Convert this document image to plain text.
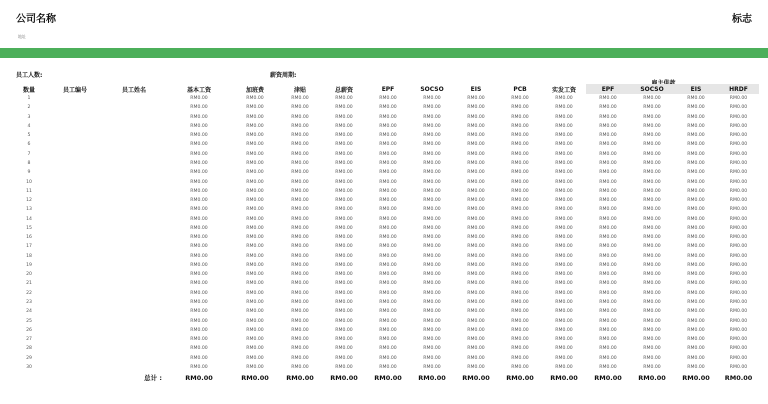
公司名称	标志
地址
员工人数:	薪资周期:
数量	员工编号	员工姓名	基本工资	加班费	津贴	总薪资	EPF	SOCSO	EIS	PCB	实发工资	EPF	SOCSO	EIS	HRDF
1			RM0.00	RM0.00	RM0.00	RM0.00	RM0.00	RM0.00	RM0.00	RM0.00	RM0.00	RM0.00	RM0.00	RM0.00	RM0.00
2			RM0.00	RM0.00	RM0.00	RM0.00	RM0.00	RM0.00	RM0.00	RM0.00	RM0.00	RM0.00	RM0.00	RM0.00	RM0.00
3			RM0.00	RM0.00	RM0.00	RM0.00	RM0.00	RM0.00	RM0.00	RM0.00	RM0.00	RM0.00	RM0.00	RM0.00	RM0.00
4			RM0.00	RM0.00	RM0.00	RM0.00	RM0.00	RM0.00	RM0.00	RM0.00	RM0.00	RM0.00	RM0.00	RM0.00	RM0.00
5			RM0.00	RM0.00	RM0.00	RM0.00	RM0.00	RM0.00	RM0.00	RM0.00	RM0.00	RM0.00	RM0.00	RM0.00	RM0.00
6			RM0.00	RM0.00	RM0.00	RM0.00	RM0.00	RM0.00	RM0.00	RM0.00	RM0.00	RM0.00	RM0.00	RM0.00	RM0.00
7			RM0.00	RM0.00	RM0.00	RM0.00	RM0.00	RM0.00	RM0.00	RM0.00	RM0.00	RM0.00	RM0.00	RM0.00	RM0.00
8			RM0.00	RM0.00	RM0.00	RM0.00	RM0.00	RM0.00	RM0.00	RM0.00	RM0.00	RM0.00	RM0.00	RM0.00	RM0.00
9			RM0.00	RM0.00	RM0.00	RM0.00	RM0.00	RM0.00	RM0.00	RM0.00	RM0.00	RM0.00	RM0.00	RM0.00	RM0.00
10			RM0.00	RM0.00	RM0.00	RM0.00	RM0.00	RM0.00	RM0.00	RM0.00	RM0.00	RM0.00	RM0.00	RM0.00	RM0.00
11			RM0.00	RM0.00	RM0.00	RM0.00	RM0.00	RM0.00	RM0.00	RM0.00	RM0.00	RM0.00	RM0.00	RM0.00	RM0.00
12			RM0.00	RM0.00	RM0.00	RM0.00	RM0.00	RM0.00	RM0.00	RM0.00	RM0.00	RM0.00	RM0.00	RM0.00	RM0.00
13			RM0.00	RM0.00	RM0.00	RM0.00	RM0.00	RM0.00	RM0.00	RM0.00	RM0.00	RM0.00	RM0.00	RM0.00	RM0.00
14			RM0.00	RM0.00	RM0.00	RM0.00	RM0.00	RM0.00	RM0.00	RM0.00	RM0.00	RM0.00	RM0.00	RM0.00	RM0.00
15			RM0.00	RM0.00	RM0.00	RM0.00	RM0.00	RM0.00	RM0.00	RM0.00	RM0.00	RM0.00	RM0.00	RM0.00	RM0.00
16			RM0.00	RM0.00	RM0.00	RM0.00	RM0.00	RM0.00	RM0.00	RM0.00	RM0.00	RM0.00	RM0.00	RM0.00	RM0.00
17			RM0.00	RM0.00	RM0.00	RM0.00	RM0.00	RM0.00	RM0.00	RM0.00	RM0.00	RM0.00	RM0.00	RM0.00	RM0.00
18			RM0.00	RM0.00	RM0.00	RM0.00	RM0.00	RM0.00	RM0.00	RM0.00	RM0.00	RM0.00	RM0.00	RM0.00	RM0.00
19			RM0.00	RM0.00	RM0.00	RM0.00	RM0.00	RM0.00	RM0.00	RM0.00	RM0.00	RM0.00	RM0.00	RM0.00	RM0.00
20			RM0.00	RM0.00	RM0.00	RM0.00	RM0.00	RM0.00	RM0.00	RM0.00	RM0.00	RM0.00	RM0.00	RM0.00	RM0.00
21			RM0.00	RM0.00	RM0.00	RM0.00	RM0.00	RM0.00	RM0.00	RM0.00	RM0.00	RM0.00	RM0.00	RM0.00	RM0.00
22			RM0.00	RM0.00	RM0.00	RM0.00	RM0.00	RM0.00	RM0.00	RM0.00	RM0.00	RM0.00	RM0.00	RM0.00	RM0.00
23			RM0.00	RM0.00	RM0.00	RM0.00	RM0.00	RM0.00	RM0.00	RM0.00	RM0.00	RM0.00	RM0.00	RM0.00	RM0.00
24			RM0.00	RM0.00	RM0.00	RM0.00	RM0.00	RM0.00	RM0.00	RM0.00	RM0.00	RM0.00	RM0.00	RM0.00	RM0.00
25			RM0.00	RM0.00	RM0.00	RM0.00	RM0.00	RM0.00	RM0.00	RM0.00	RM0.00	RM0.00	RM0.00	RM0.00	RM0.00
26			RM0.00	RM0.00	RM0.00	RM0.00	RM0.00	RM0.00	RM0.00	RM0.00	RM0.00	RM0.00	RM0.00	RM0.00	RM0.00
27			RM0.00	RM0.00	RM0.00	RM0.00	RM0.00	RM0.00	RM0.00	RM0.00	RM0.00	RM0.00	RM0.00	RM0.00	RM0.00
28			RM0.00	RM0.00	RM0.00	RM0.00	RM0.00	RM0.00	RM0.00	RM0.00	RM0.00	RM0.00	RM0.00	RM0.00	RM0.00
29			RM0.00	RM0.00	RM0.00	RM0.00	RM0.00	RM0.00	RM0.00	RM0.00	RM0.00	RM0.00	RM0.00	RM0.00	RM0.00
30			RM0.00	RM0.00	RM0.00	RM0.00	RM0.00	RM0.00	RM0.00	RM0.00	RM0.00	RM0.00	RM0.00	RM0.00	RM0.00
总计 :			RM0.00	RM0.00	RM0.00	RM0.00	RM0.00	RM0.00	RM0.00	RM0.00	RM0.00	RM0.00	RM0.00	RM0.00	RM0.00
